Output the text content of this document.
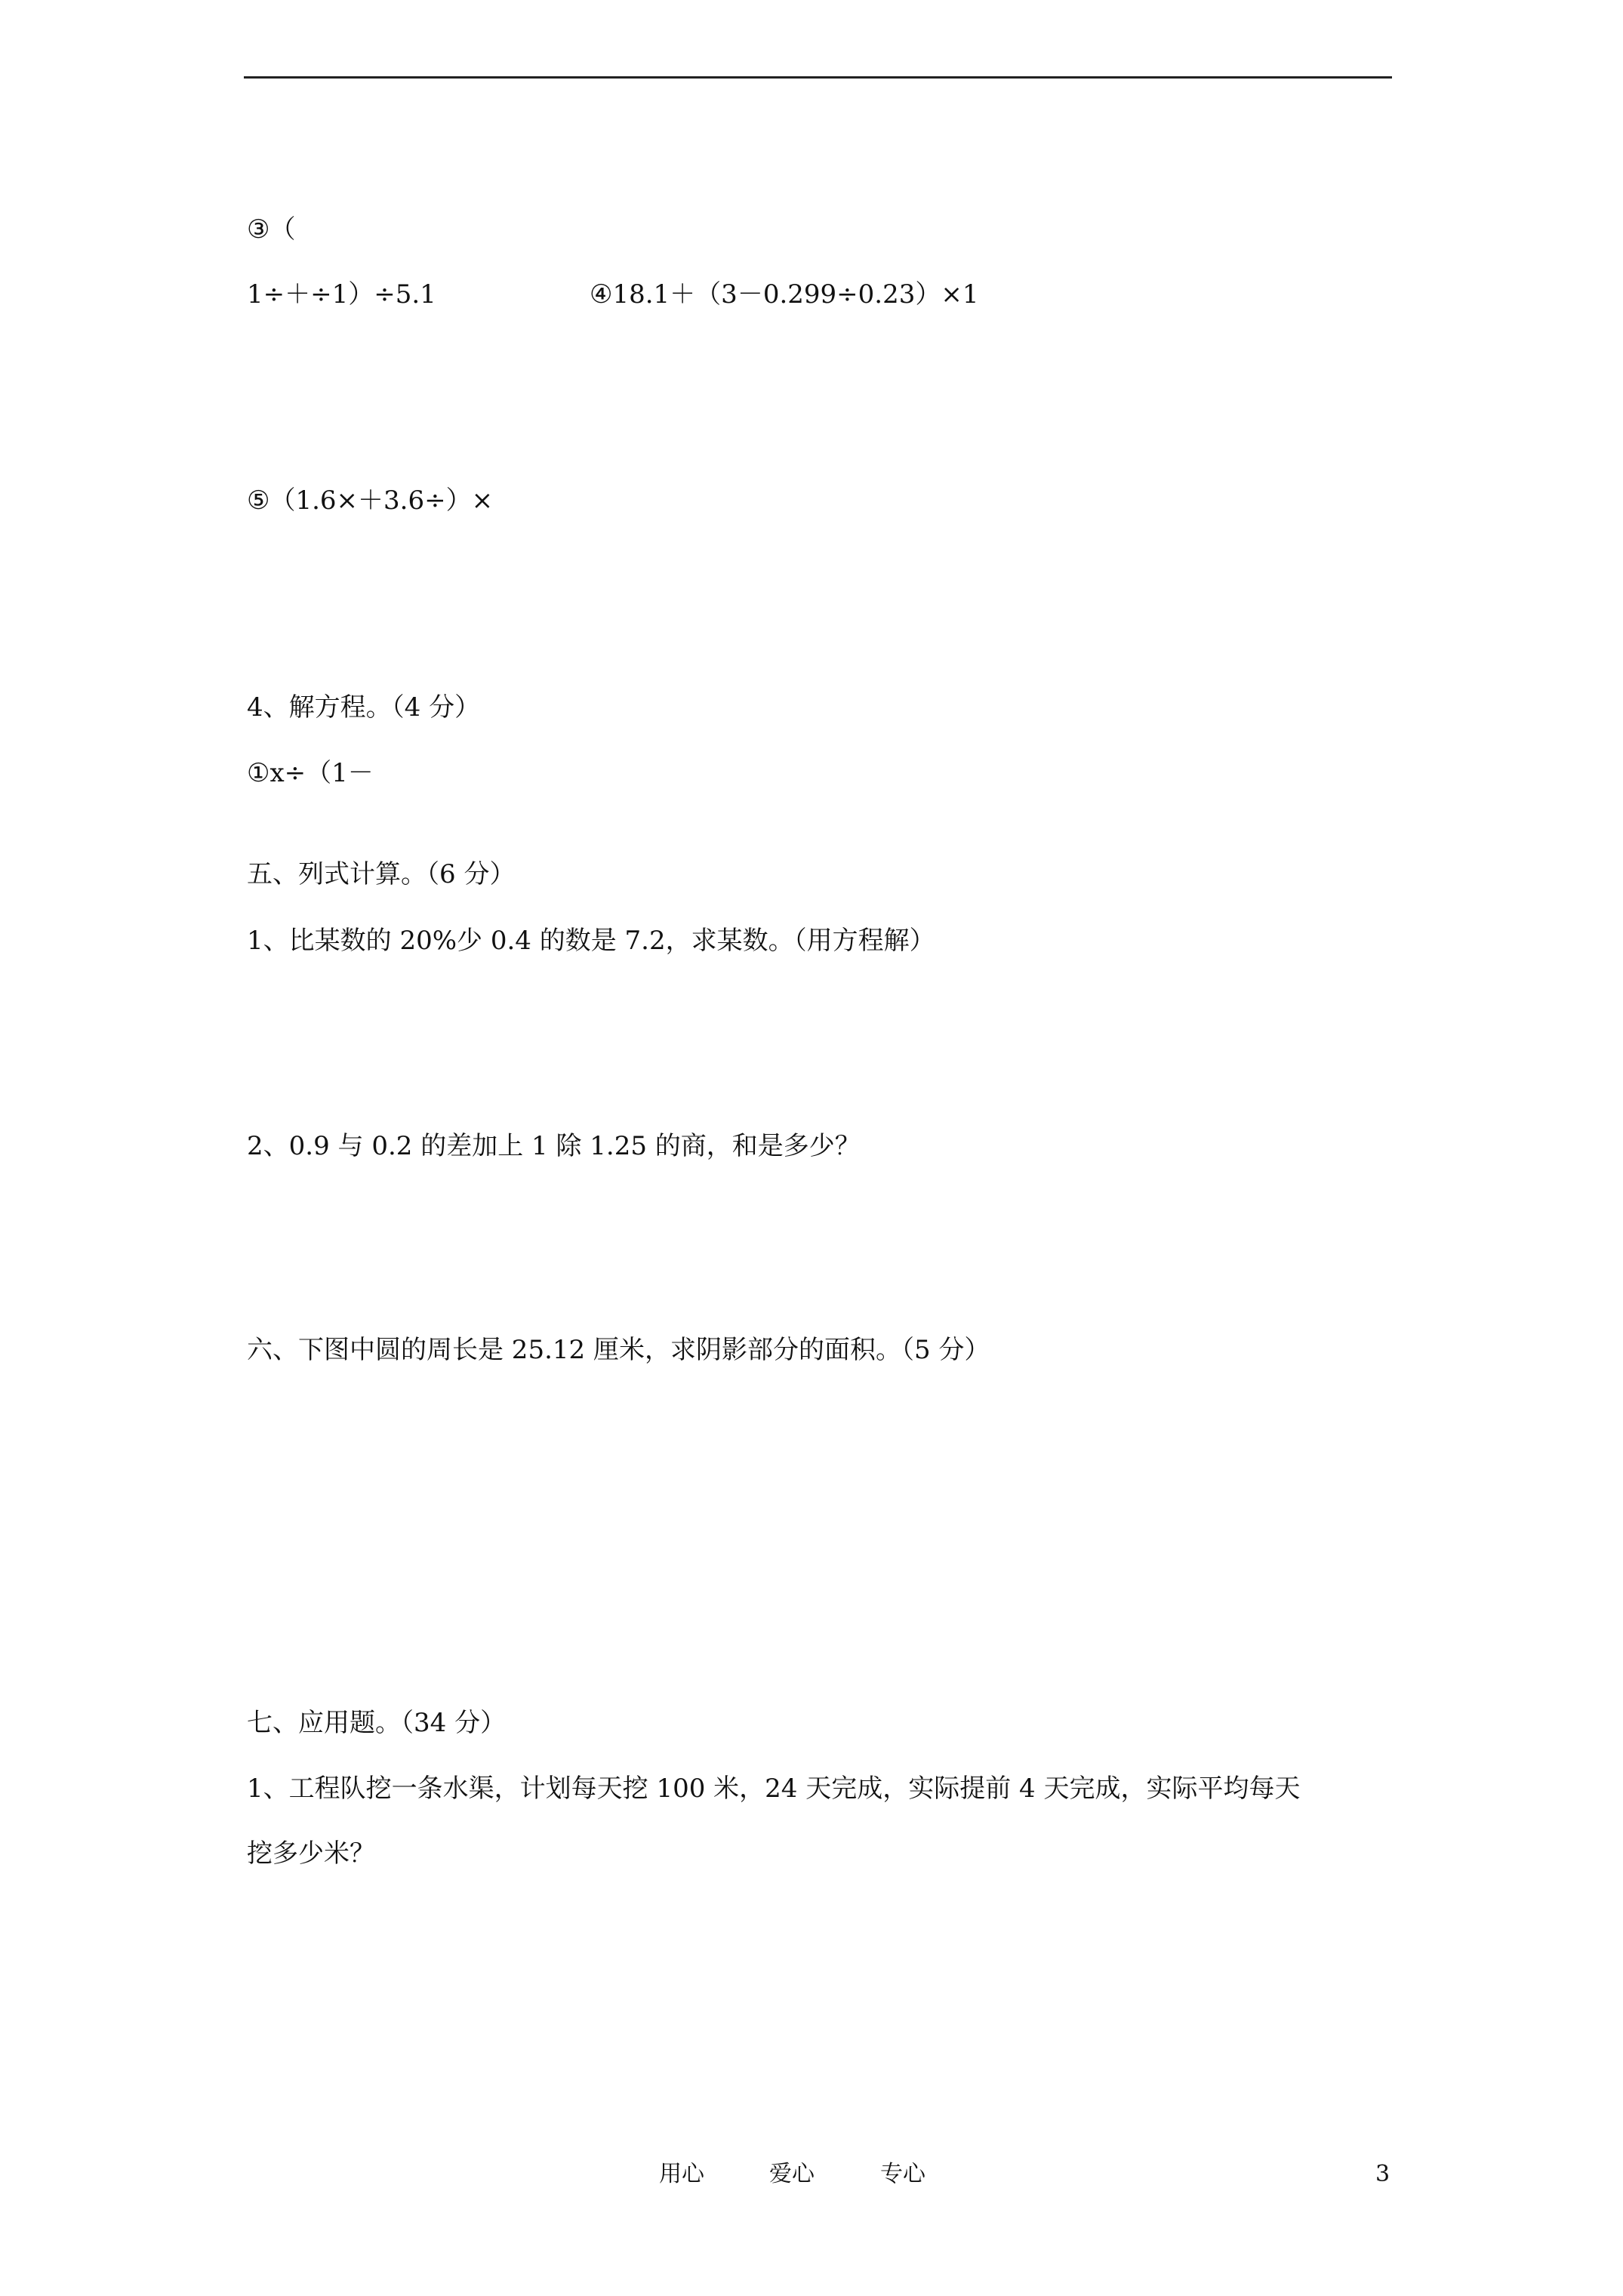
③（
1÷＋÷1）÷5.1	④18.1＋（3－0.299÷0.23）×1
⑤（1.6×＋3.6÷）×
4、解方程。（4 分）
①x÷（1－
五、列式计算。（6 分）
1、比某数的 20%少 0.4 的数是 7.2，求某数。（用方程解）
2、0.9 与 0.2 的差加上 1 除 1.25 的商，和是多少？
六、下图中圆的周长是 25.12 厘米，求阴影部分的面积。（5 分）
七、应用题。（34 分）
1、工程队挖一条水渠，计划每天挖 100 米，24 天完成，实际提前 4 天完成，实际平均每天
挖多少米？
用心	爱心	专心	3
